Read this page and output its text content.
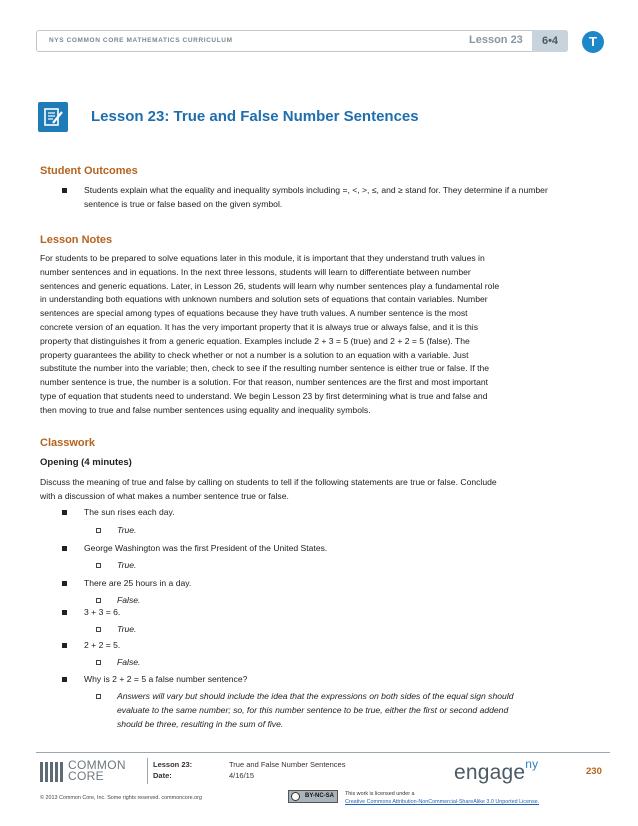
NYS COMMON CORE MATHEMATICS CURRICULUM	Lesson 23	6•4	T
Lesson 23: True and False Number Sentences
Student Outcomes
Students explain what the equality and inequality symbols including =, <, >, ≤, and ≥ stand for. They determine if a number sentence is true or false based on the given symbol.
Lesson Notes
For students to be prepared to solve equations later in this module, it is important that they understand truth values in
number sentences and in equations. In the next three lessons, students will learn to differentiate between number
sentences and generic equations. Later, in Lesson 26, students will learn why number sentences play a fundamental role
in understanding both equations with unknown numbers and solution sets of equations that contain variables. Number
sentences are special among types of equations because they have truth values. A number sentence is the most
concrete version of an equation. It has the very important property that it is always true or always false, and it is this
property that distinguishes it from a generic equation. Examples include 2 + 3 = 5 (true) and 2 + 2 = 5 (false). The
property guarantees the ability to check whether or not a number is a solution to an equation with a variable. Just
substitute the number into the variable; then, check to see if the resulting number sentence is either true or false. If the
number sentence is true, the number is a solution. For that reason, number sentences are the first and most important
type of equation that students need to understand. We begin Lesson 23 by first determining what is true and false and
then moving to true and false number sentences using equality and inequality symbols.
Classwork
Opening (4 minutes)
Discuss the meaning of true and false by calling on students to tell if the following statements are true or false. Conclude
with a discussion of what makes a number sentence true or false.
The sun rises each day.
True.
George Washington was the first President of the United States.
True.
There are 25 hours in a day.
False.
3 + 3 = 6.
True.
2 + 2 = 5.
False.
Why is 2 + 2 = 5 a false number sentence?
Answers will vary but should include the idea that the expressions on both sides of the equal sign should
evaluate to the same number; so, for this number sentence to be true, either the first or second addend
should be three, resulting in the sum of five.
COMMON
CORE
Lesson 23:	True and False Number Sentences
Date:	4/16/15	engage$^{ny}$
230
© 2013 Common Core, Inc. Some rights reserved. commoncore.org	BY-NC-SA	This work is licensed under a
Creative Commons Attribution-NonCommercial-ShareAlike 3.0 Unported License.
